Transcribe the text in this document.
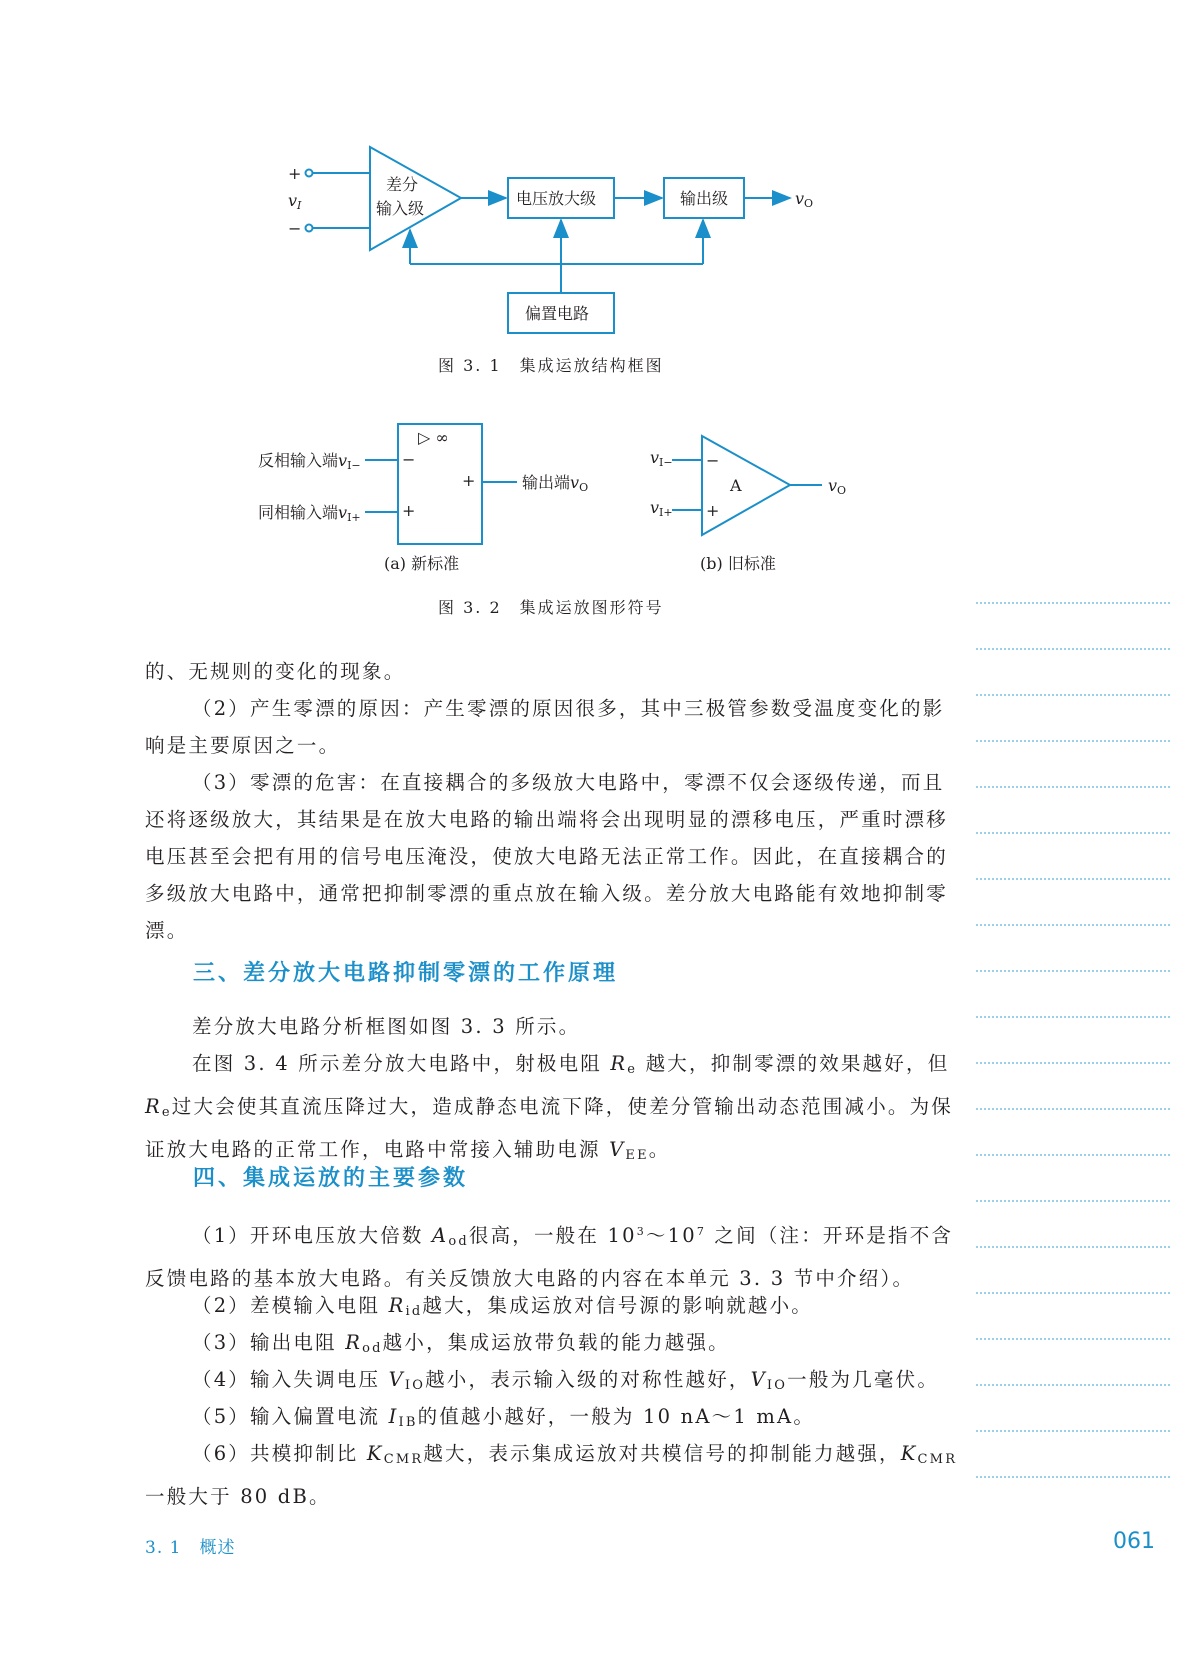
+
−
vI
差分
输入级
电压放大级	输出级	vO
偏置电路
图 3. 1　集成运放结构框图
反相输入端vI−
同相输入端vI+
▷ ∞
−
+
+	输出端vO
(a) 新标准
vI−
vI+
−
+
A	vO
(b) 旧标准
图 3. 2　集成运放图形符号

的、无规则的变化的现象。

（2）产生零漂的原因：产生零漂的原因很多，其中三极管参数受温度变化的影响是主要原因之一。

（3）零漂的危害：在直接耦合的多级放大电路中，零漂不仅会逐级传递，而且还将逐级放大，其结果是在放大电路的输出端将会出现明显的漂移电压，严重时漂移电压甚至会把有用的信号电压淹没，使放大电路无法正常工作。因此，在直接耦合的多级放大电路中，通常把抑制零漂的重点放在输入级。差分放大电路能有效地抑制零漂。

三、差分放大电路抑制零漂的工作原理

差分放大电路分析框图如图 3. 3 所示。

在图 3. 4 所示差分放大电路中，射极电阻 $R_e$ 越大，抑制零漂的效果越好，但 $R_e$过大会使其直流压降过大，造成静态电流下降，使差分管输出动态范围减小。为保证放大电路的正常工作，电路中常接入辅助电源 $V_{EE}$。

四、集成运放的主要参数

（1）开环电压放大倍数 $A_{od}$很高，一般在 $10^3\sim 10^7$ 之间（注：开环是指不含反馈电路的基本放大电路。有关反馈放大电路的内容在本单元 3. 3 节中介绍）。

（2）差模输入电阻 $R_{id}$越大，集成运放对信号源的影响就越小。

（3）输出电阻 $R_{od}$越小，集成运放带负载的能力越强。

（4）输入失调电压 $V_{IO}$越小，表示输入级的对称性越好，$V_{IO}$一般为几毫伏。

（5）输入偏置电流 $I_{IB}$的值越小越好，一般为 10 nA～1 mA。

（6）共模抑制比 $K_{CMR}$越大，表示集成运放对共模信号的抑制能力越强，$K_{CMR}$一般大于 80 dB。

3. 1　概述	061
